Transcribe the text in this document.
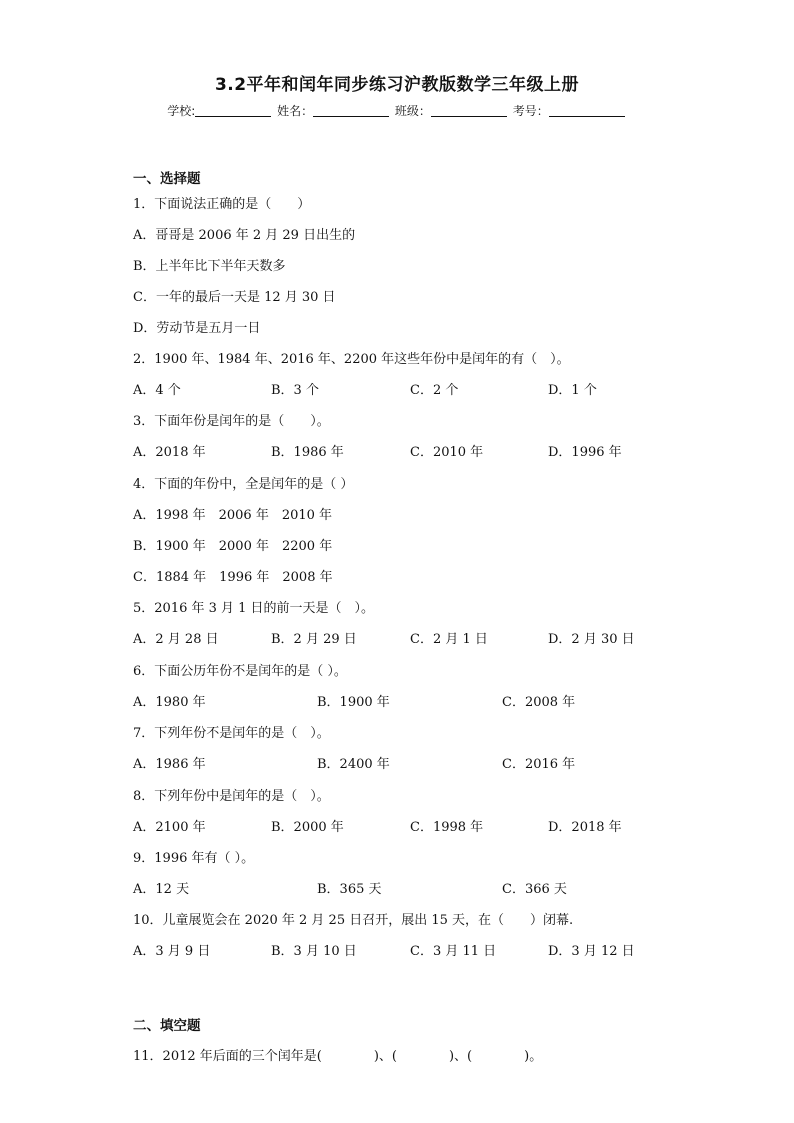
3.2平年和闰年同步练习沪教版数学三年级上册
学校:	姓名：	班级：	考号：
一、选择题
1．下面说法正确的是（　　）
A．哥哥是 2006 年 2 月 29 日出生的
B．上半年比下半年天数多
C．一年的最后一天是 12 月 30 日
D．劳动节是五月一日
2．1900 年、1984 年、2016 年、2200 年这些年份中是闰年的有（　）。
A．4 个	B．3 个	C．2 个	D．1 个
3．下面年份是闰年的是（　　）。
A．2018 年	B．1986 年	C．2010 年	D．1996 年
4．下面的年份中，全是闰年的是（ ）
A．1998 年　2006 年　2010 年
B．1900 年　2000 年　2200 年
C．1884 年　1996 年　2008 年
5．2016 年 3 月 1 日的前一天是（　）。
A．2 月 28 日	B．2 月 29 日	C．2 月 1 日	D．2 月 30 日
6．下面公历年份不是闰年的是（ ）。
A．1980 年	B．1900 年	C．2008 年
7．下列年份不是闰年的是（　）。
A．1986 年	B．2400 年	C．2016 年
8．下列年份中是闰年的是（　）。
A．2100 年	B．2000 年	C．1998 年	D．2018 年
9．1996 年有（ ）。
A．12 天	B．365 天	C．366 天
10．儿童展览会在 2020 年 2 月 25 日召开，展出 15 天，在（　　）闭幕.
A．3 月 9 日	B．3 月 10 日	C．3 月 11 日	D．3 月 12 日
二、填空题
11．2012 年后面的三个闰年是(　　　　)、(　　　　)、(　　　　)。
